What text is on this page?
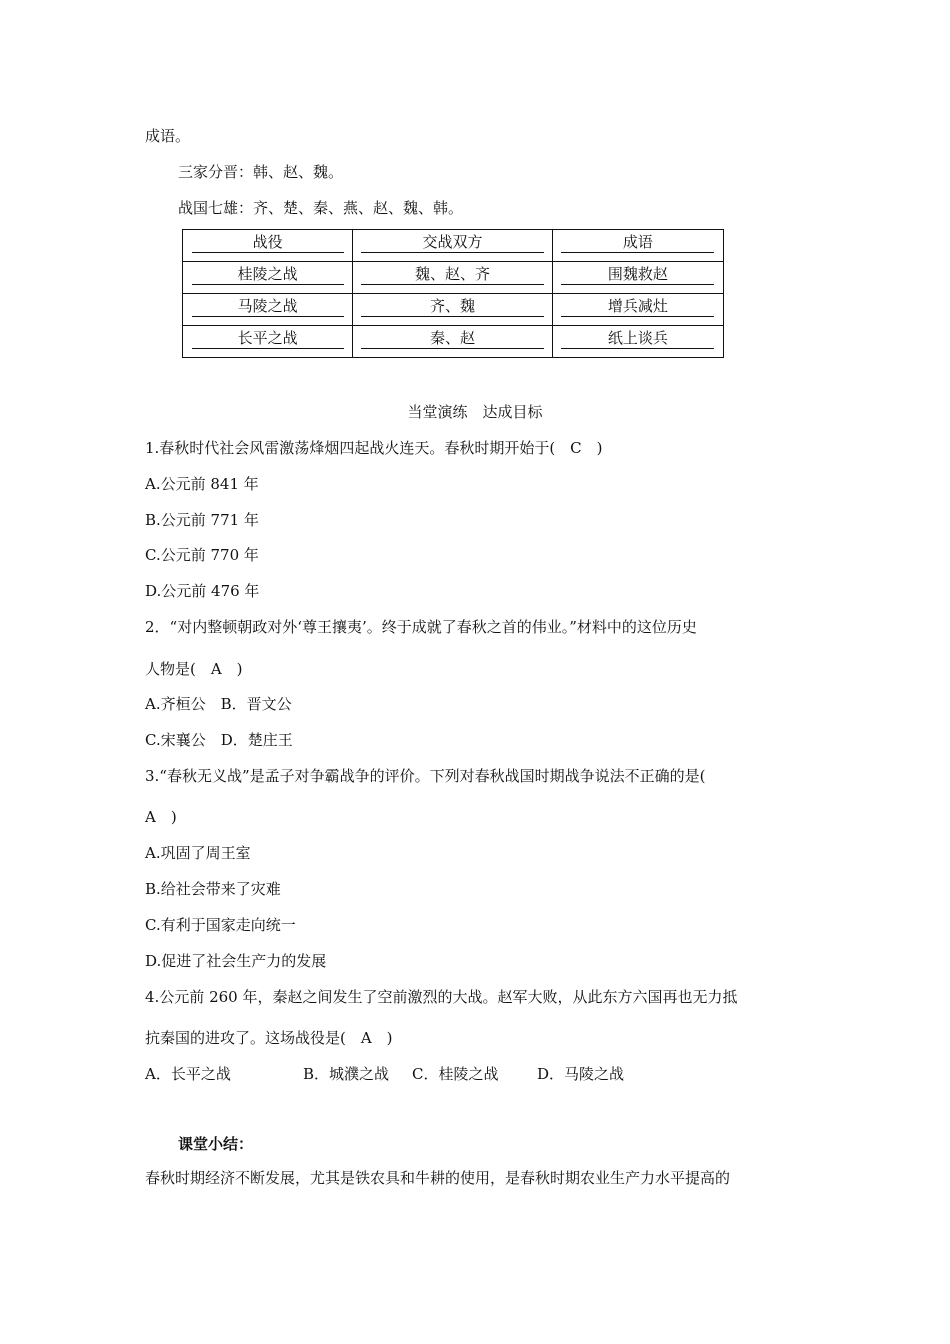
成语。
三家分晋：韩、赵、魏。
战国七雄：齐、楚、秦、燕、赵、魏、韩。
战役	交战双方	成语
桂陵之战	魏、赵、齐	围魏救赵
马陵之战	齐、魏	增兵减灶
长平之战	秦、赵	纸上谈兵
当堂演练　达成目标
1.春秋时代社会风雷激荡烽烟四起战火连天。春秋时期开始于(　C　)
A.公元前 841 年
B.公元前 771 年
C.公元前 770 年
D.公元前 476 年
2．“对内整顿朝政对外‘尊王攘夷’。终于成就了春秋之首的伟业。”材料中的这位历史
人物是(　A　)
A.齐桓公　B．晋文公
C.宋襄公　D．楚庄王
3.“春秋无义战”是孟子对争霸战争的评价。下列对春秋战国时期战争说法不正确的是(
A　)
A.巩固了周王室
B.给社会带来了灾难
C.有利于国家走向统一
D.促进了社会生产力的发展
4.公元前 260 年，秦赵之间发生了空前激烈的大战。赵军大败，从此东方六国再也无力抵
抗秦国的进攻了。这场战役是(　A　)
A．长平之战	B．城濮之战 C．桂陵之战	D．马陵之战
课堂小结：
春秋时期经济不断发展，尤其是铁农具和牛耕的使用，是春秋时期农业生产力水平提高的
